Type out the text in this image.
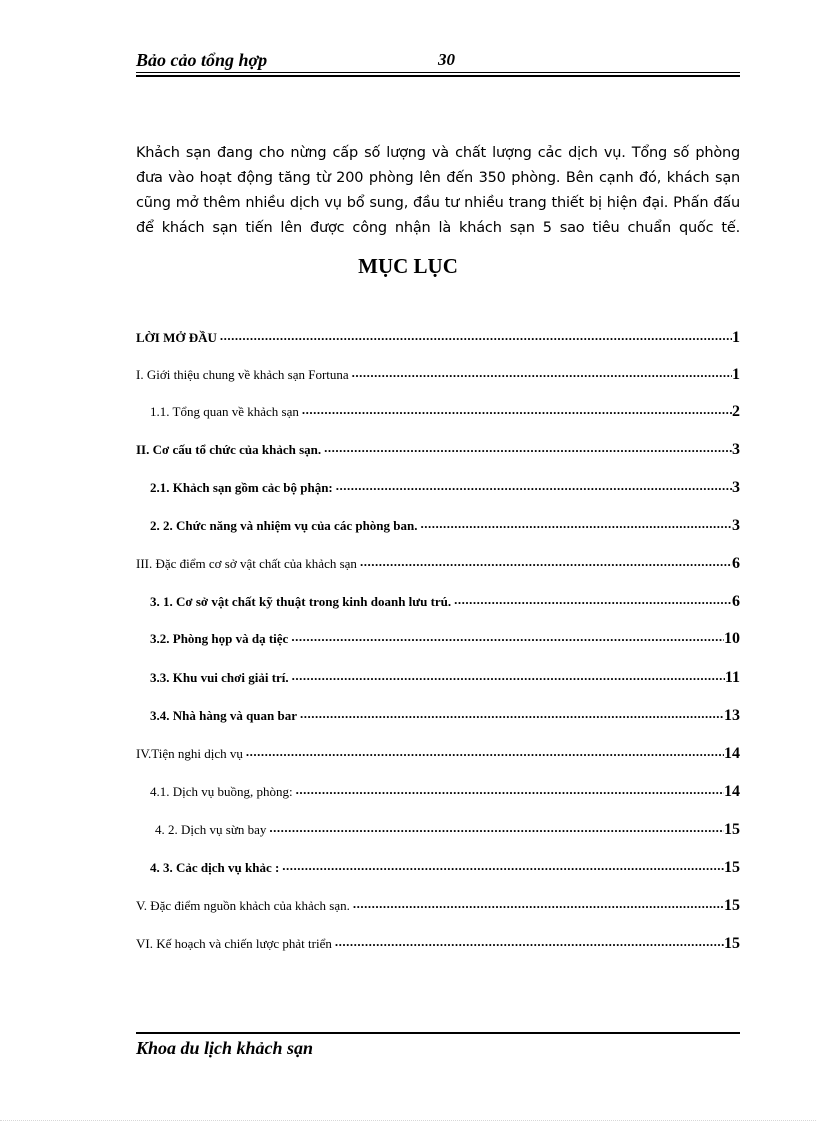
Bảo cảo tổng hợp	30

Khảch sạn đang cho nừng cấp số lượng và chất lượng cảc dịch vụ. Tổng số phòng đưa vào hoạt động tăng từ 200 phòng lên đến 350 phòng. Bên cạnh đó, khách sạn cũng mở thêm nhiều dịch vụ bổ sung, đầu tư nhiều trang thiết bị hiện đại. Phấn đấu để khách sạn tiến lên được công nhận là khách sạn 5 sao tiêu chuẩn quốc tế.

MỤC LỤC
LỜI MỞ ĐẦU .....	1
I. Giới thiệu chung về khảch sạn Fortuna .....	1
1.1. Tổng quan về khảch sạn .....	2
II. Cơ cấu tổ chức của khảch sạn. .....	3
2.1. Khảch sạn gồm cảc bộ phận: .....	3
2. 2. Chức năng và nhiệm vụ của các phòng ban. .....	3
III. Đặc điểm cơ sở vật chất của khảch sạn .....	6
3. 1. Cơ sở vật chất kỹ thuật trong kinh doanh lưu trú. .....	6
3.2. Phòng họp và dạ tiệc .....	10
3.3. Khu vui chơi giải trí. .....	11
3.4. Nhà hàng và quan bar .....	13
IV.Tiện nghi dịch vụ .....	14
4.1. Dịch vụ buồng, phòng: .....	14
4. 2. Dịch vụ sừn bay .....	15
4. 3. Cảc dịch vụ khảc : .....	15
V. Đặc điểm nguồn khảch của khảch sạn. .....	15
VI. Kế hoạch và chiến lược phảt triển .....	15
Khoa du lịch khảch sạn
